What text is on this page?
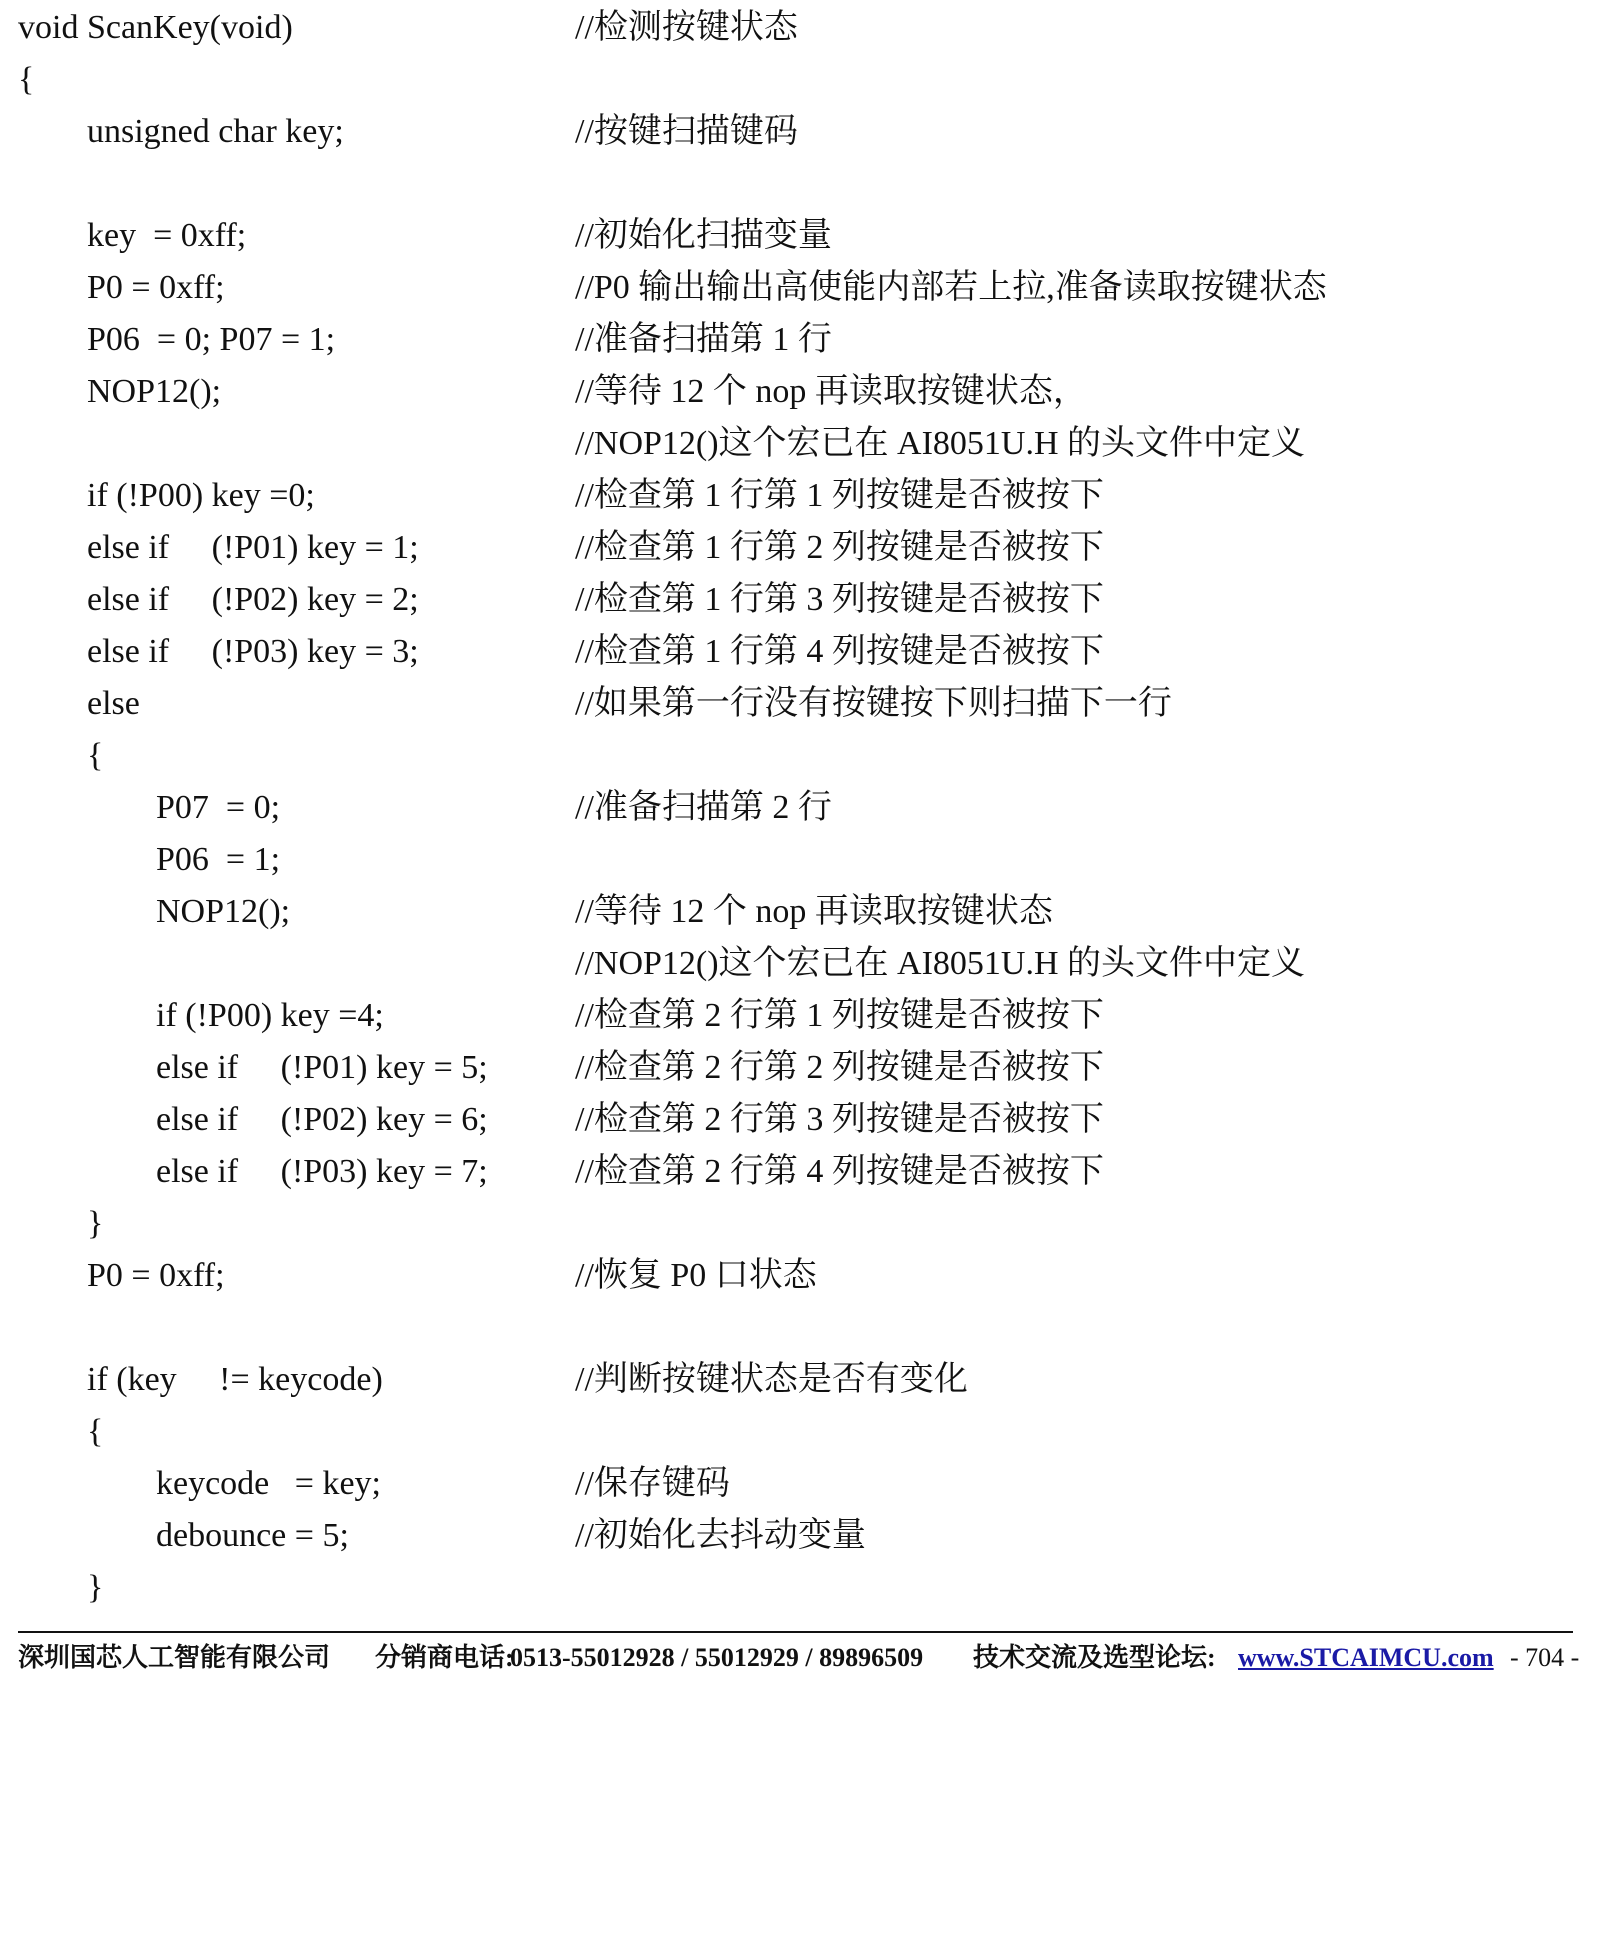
void ScanKey(void)	//检测按键状态
{
unsigned char key;	//按键扫描键码
key  = 0xff;	//初始化扫描变量
P0 = 0xff;	//P0 输出输出高使能内部若上拉,准备读取按键状态
P06  = 0; P07 = 1;	//准备扫描第 1 行
NOP12();	//等待 12 个 nop 再读取按键状态，
//NOP12()这个宏已在 AI8051U.H 的头文件中定义
if (!P00) key =0;	//检查第 1 行第 1 列按键是否被按下
else if     (!P01) key = 1;	//检查第 1 行第 2 列按键是否被按下
else if     (!P02) key = 2;	//检查第 1 行第 3 列按键是否被按下
else if     (!P03) key = 3;	//检查第 1 行第 4 列按键是否被按下
else	//如果第一行没有按键按下则扫描下一行
{
P07  = 0;	//准备扫描第 2 行
P06  = 1;
NOP12();	//等待 12 个 nop 再读取按键状态
//NOP12()这个宏已在 AI8051U.H 的头文件中定义
if (!P00) key =4;	//检查第 2 行第 1 列按键是否被按下
else if     (!P01) key = 5;	//检查第 2 行第 2 列按键是否被按下
else if     (!P02) key = 6;	//检查第 2 行第 3 列按键是否被按下
else if     (!P03) key = 7;	//检查第 2 行第 4 列按键是否被按下
}
P0 = 0xff;	//恢复 P0 口状态
if (key     != keycode)	//判断按键状态是否有变化
{
keycode   = key;	//保存键码
debounce = 5;	//初始化去抖动变量
}

深圳国芯人工智能有限公司

分销商电话:

0513-55012928 / 55012929 / 89896509

技术交流及选型论坛:

www.STCAIMCU.com

- 704 -
